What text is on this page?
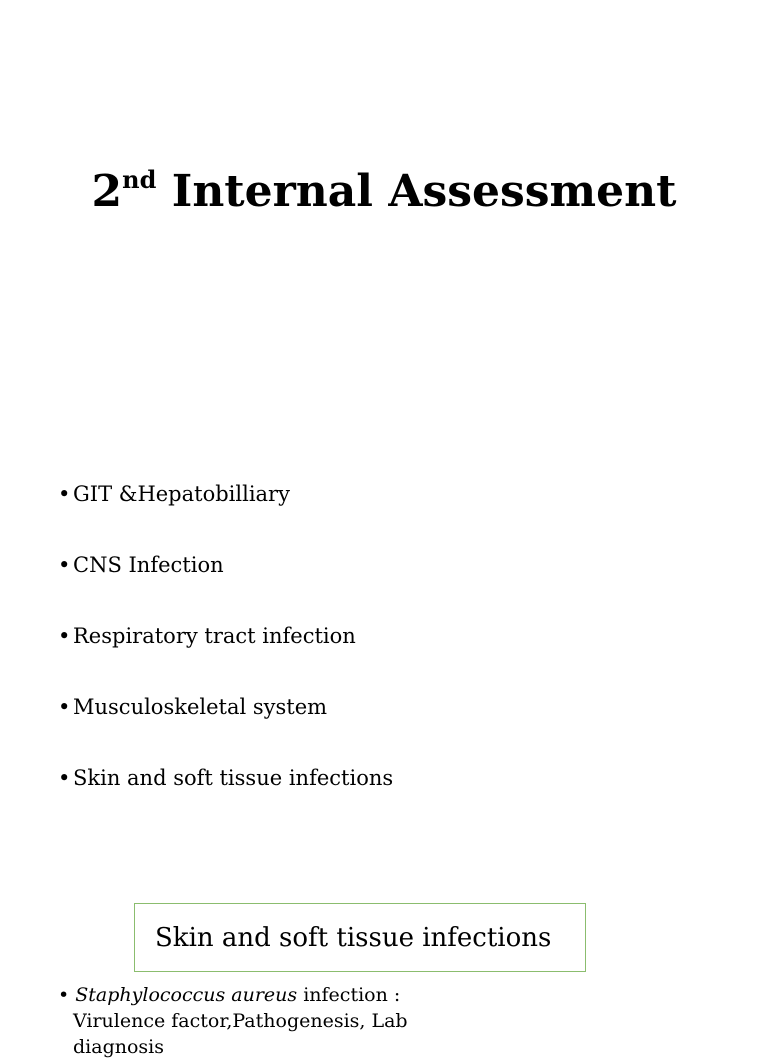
2nd Internal Assessment
• GIT &Hepatobilliary
• CNS Infection
• Respiratory tract infection
• Musculoskeletal system
• Skin and soft tissue infections
Skin and soft tissue infections
• Staphylococcus aureus infection : Virulence factor,Pathogenesis, Lab diagnosis
